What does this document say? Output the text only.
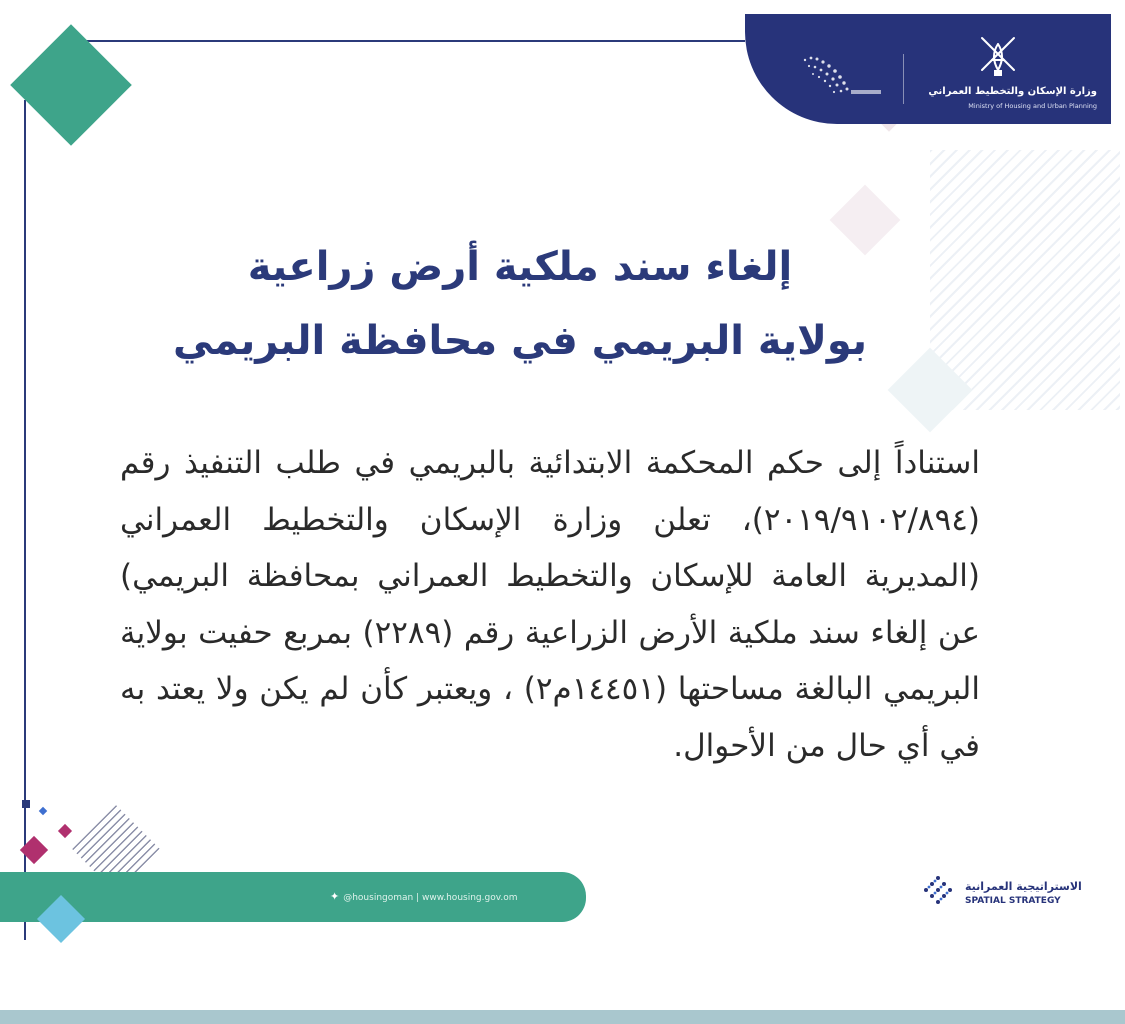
وزارة الإسكان والتخطيط العمراني
Ministry of Housing and Urban Planning
إلغاء سند ملكية أرض زراعية
بولاية البريمي في محافظة البريمي
استناداً إلى حكم المحكمة الابتدائية بالبريمي في طلب التنفيذ رقم (٢٠١٩/٩١٠٢/٨٩٤)، تعلن وزارة الإسكان والتخطيط العمراني (المديرية العامة للإسكان والتخطيط العمراني بمحافظة البريمي) عن إلغاء سند ملكية الأرض الزراعية رقم (٢٢٨٩) بمربع حفيت بولاية البريمي البالغة مساحتها (١٤٤٥١م٢) ، ويعتبر كأن لم يكن ولا يعتد به في أي حال من الأحوال.
✦ @housingoman | www.housing.gov.om
الاستراتيجية العمرانية
SPATIAL STRATEGY
